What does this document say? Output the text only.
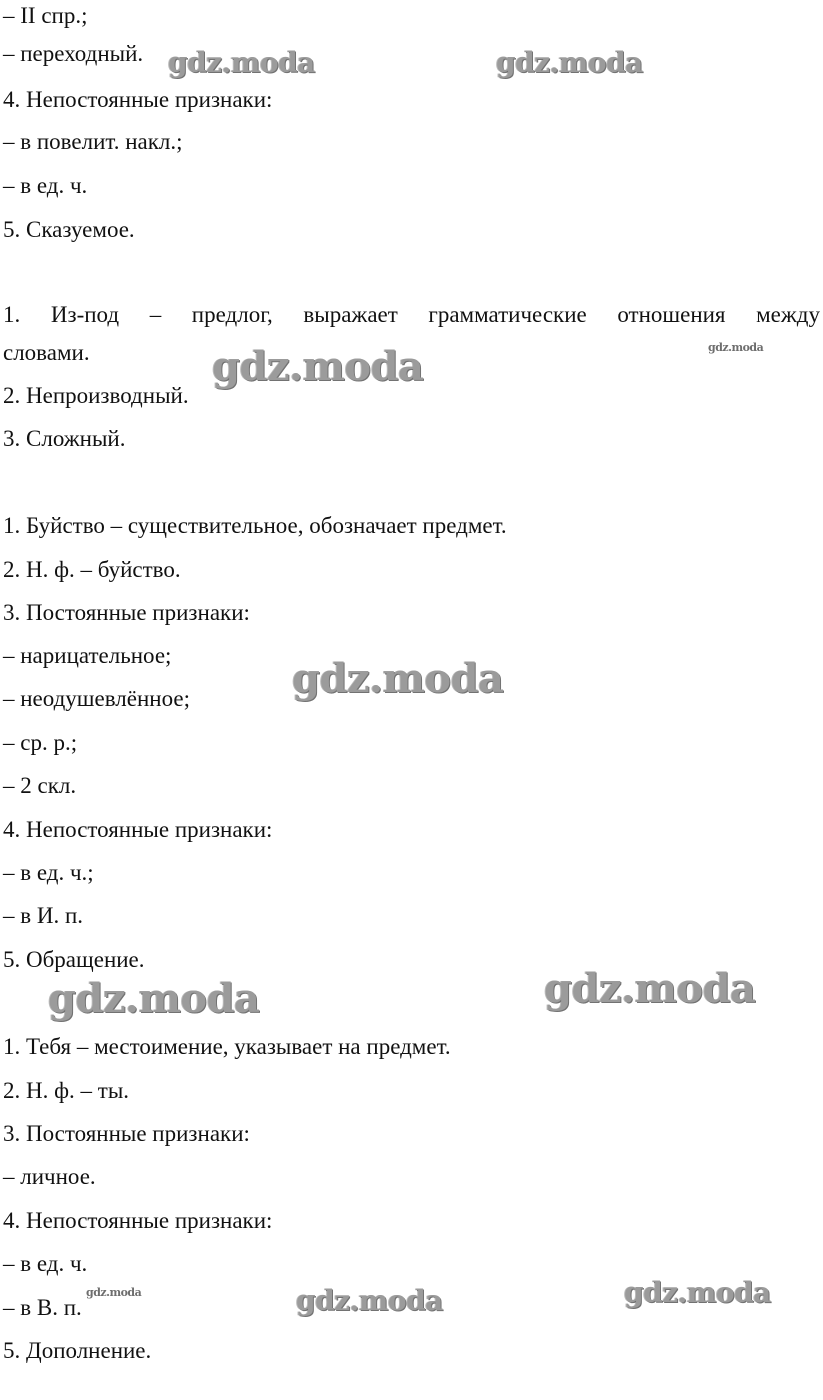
– II спр.;
– переходный.
4. Непостоянные признаки:
– в повелит. накл.;
– в ед. ч.
5. Сказуемое.
1. Из-под – предлог, выражает грамматические отношения между
словами.
2. Непроизводный.
3. Сложный.
1. Буйство – существительное, обозначает предмет.
2. Н. ф. – буйство.
3. Постоянные признаки:
– нарицательное;
– неодушевлённое;
– ср. р.;
– 2 скл.
4. Непостоянные признаки:
– в ед. ч.;
– в И. п.
5. Обращение.
1. Тебя – местоимение, указывает на предмет.
2. Н. ф. – ты.
3. Постоянные признаки:
– личное.
4. Непостоянные признаки:
– в ед. ч.
– в В. п.
5. Дополнение.
gdz.moda	gdz.moda
gdz.moda	gdz.moda
gdz.moda
gdz.moda	gdz.moda
gdz.moda	gdz.moda	gdz.moda
